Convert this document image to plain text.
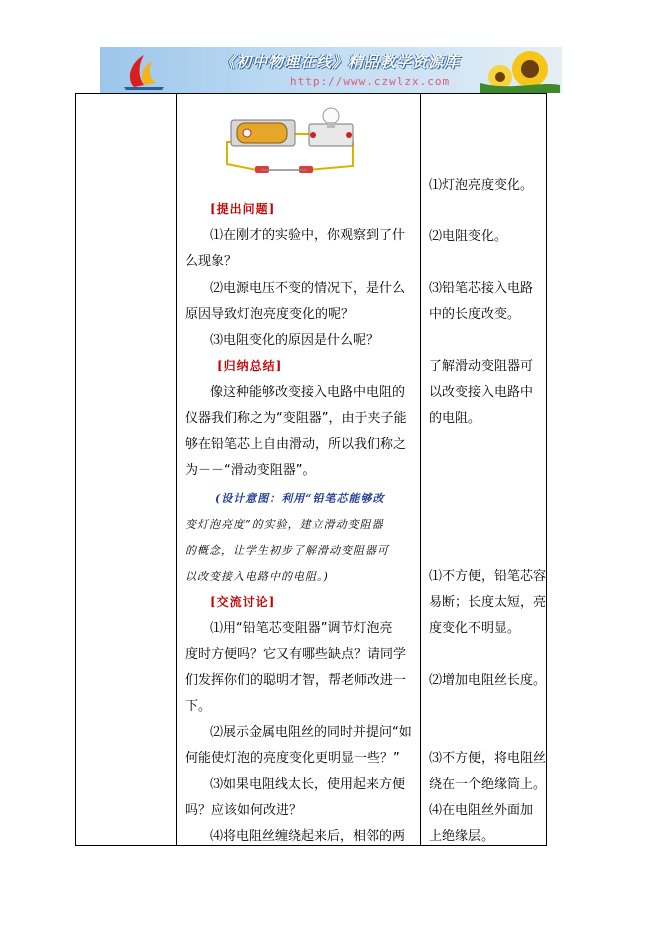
《初中物理在线》精品教学资源库
http://www.czwlzx.com
[提出问题]
⑴在刚才的实验中，你观察到了什
么现象？
⑵电源电压不变的情况下，是什么
原因导致灯泡亮度变化的呢？
⑶电阻变化的原因是什么呢？
[归纳总结]
像这种能够改变接入电路中电阻的
仪器我们称之为“变阻器”，由于夹子能
够在铅笔芯上自由滑动，所以我们称之
为－－“滑动变阻器”。
(设计意图：利用“铅笔芯能够改
变灯泡亮度”的实验，建立滑动变阻器
的概念，让学生初步了解滑动变阻器可
以改变接入电路中的电阻。)
[交流讨论]
⑴用“铅笔芯变阻器”调节灯泡亮
度时方便吗？它又有哪些缺点？请同学
们发挥你们的聪明才智，帮老师改进一
下。
⑵展示金属电阻丝的同时并提问“如
何能使灯泡的亮度变化更明显一些？”
⑶如果电阻线太长，使用起来方便
吗？应该如何改进？
⑷将电阻丝缠绕起来后，相邻的两
⑴灯泡亮度变化。
⑵电阻变化。
⑶铅笔芯接入电路
中的长度改变。
了解滑动变阻器可
以改变接入电路中
的电阻。
⑴不方便，铅笔芯容
易断；长度太短，亮
度变化不明显。
⑵增加电阻丝长度。
⑶不方便，将电阻丝
绕在一个绝缘筒上。
⑷在电阻丝外面加
上绝缘层。
